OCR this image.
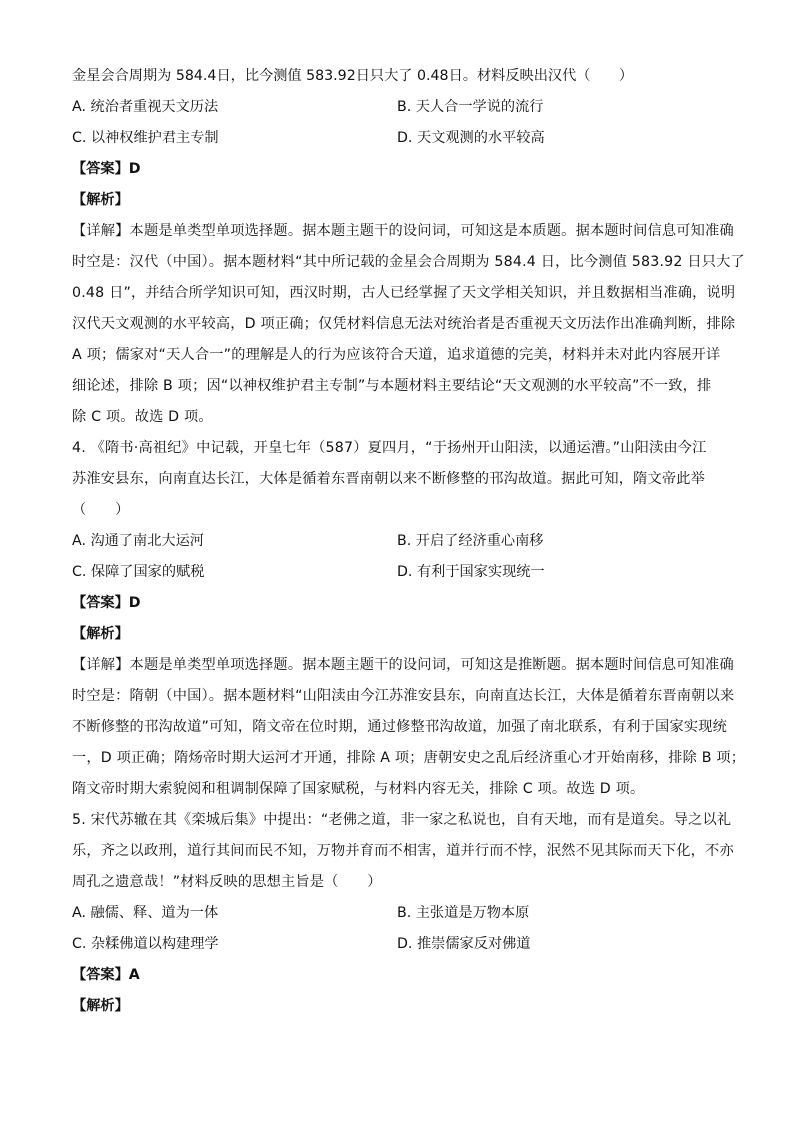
金星会合周期为 584.4日，比今测值 583.92日只大了 0.48日。材料反映出汉代（　　）
A. 统治者重视天文历法	B. 天人合一学说的流行
C. 以神权维护君主专制	D. 天文观测的水平较高
【答案】D
【解析】
【详解】本题是单类型单项选择题。据本题主题干的设问词，可知这是本质题。据本题时间信息可知准确
时空是：汉代（中国）。据本题材料“其中所记载的金星会合周期为 584.4 日，比今测值 583.92 日只大了
0.48 日”，并结合所学知识可知，西汉时期，古人已经掌握了天文学相关知识，并且数据相当准确，说明
汉代天文观测的水平较高，D 项正确；仅凭材料信息无法对统治者是否重视天文历法作出准确判断，排除
A 项；儒家对“天人合一”的理解是人的行为应该符合天道，追求道德的完美，材料并未对此内容展开详
细论述，排除 B 项；因“以神权维护君主专制”与本题材料主要结论“天文观测的水平较高”不一致，排
除 C 项。故选 D 项。
4. 《隋书·高祖纪》中记载，开皇七年（587）夏四月，“于扬州开山阳渎，以通运漕。”山阳渎由今江
苏淮安县东，向南直达长江，大体是循着东晋南朝以来不断修整的邗沟故道。据此可知，隋文帝此举
（　　）
A. 沟通了南北大运河	B. 开启了经济重心南移
C. 保障了国家的赋税	D. 有利于国家实现统一
【答案】D
【解析】
【详解】本题是单类型单项选择题。据本题主题干的设问词，可知这是推断题。据本题时间信息可知准确
时空是：隋朝（中国）。据本题材料“山阳渎由今江苏淮安县东，向南直达长江，大体是循着东晋南朝以来
不断修整的邗沟故道”可知，隋文帝在位时期，通过修整邗沟故道，加强了南北联系，有利于国家实现统
一，D 项正确；隋炀帝时期大运河才开通，排除 A 项；唐朝安史之乱后经济重心才开始南移，排除 B 项；
隋文帝时期大索貌阅和租调制保障了国家赋税，与材料内容无关，排除 C 项。故选 D 项。
5. 宋代苏辙在其《栾城后集》中提出：“老佛之道，非一家之私说也，自有天地，而有是道矣。导之以礼
乐，齐之以政刑，道行其间而民不知，万物并育而不相害，道并行而不悖，泯然不见其际而天下化，不亦
周孔之遗意哉！”材料反映的思想主旨是（　　）
A. 融儒、释、道为一体	B. 主张道是万物本原
C. 杂糅佛道以构建理学	D. 推崇儒家反对佛道
【答案】A
【解析】
